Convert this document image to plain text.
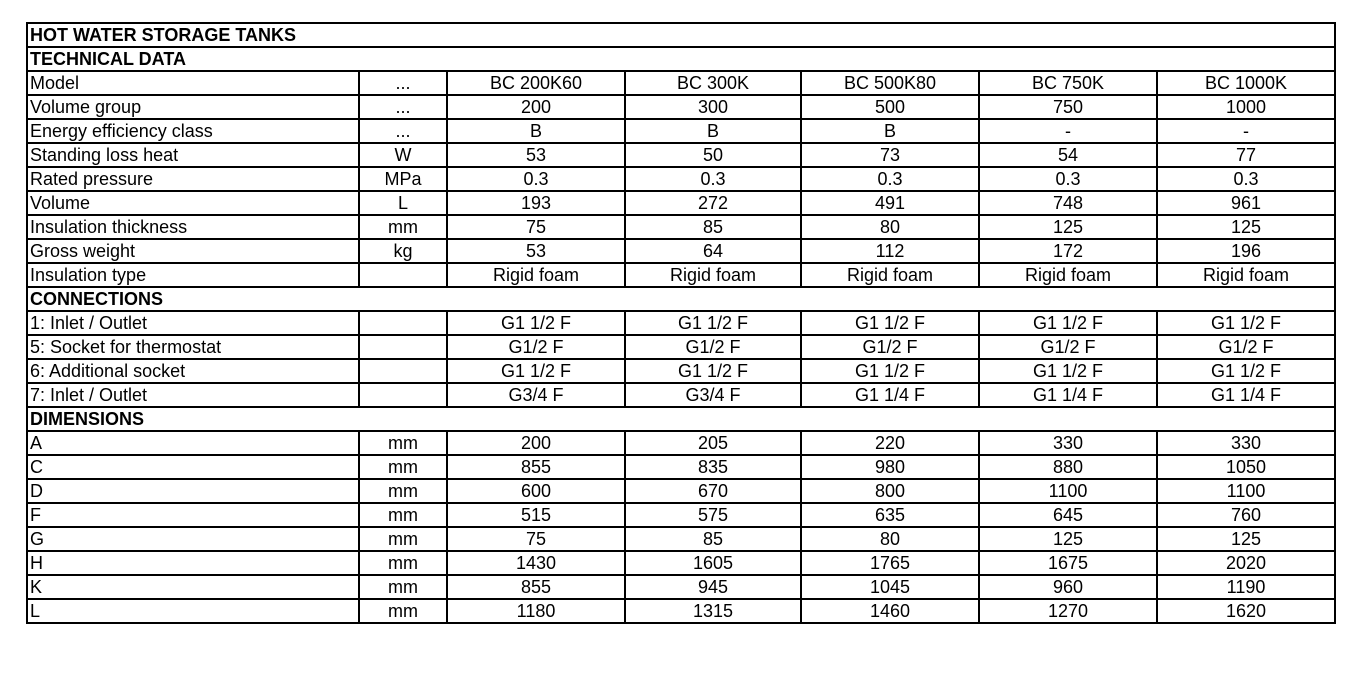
HOT WATER STORAGE TANKS						
TECHNICAL DATA						
Model	...	BC 200K60	BC 300K	BC 500K80	BC 750K	BC 1000K
Volume group	...	200	300	500	750	1000
Energy efficiency class	...	B	B	B	-	-
Standing loss heat	W	53	50	73	54	77
Rated pressure	MPa	0.3	0.3	0.3	0.3	0.3
Volume	L	193	272	491	748	961
Insulation thickness	mm	75	85	80	125	125
Gross weight	kg	53	64	112	172	196
Insulation type		Rigid foam	Rigid foam	Rigid foam	Rigid foam	Rigid foam
CONNECTIONS						
1: Inlet / Outlet		G1 1/2 F	G1 1/2 F	G1 1/2 F	G1 1/2 F	G1 1/2 F
5: Socket for thermostat		G1/2 F	G1/2 F	G1/2 F	G1/2 F	G1/2 F
6: Additional socket		G1 1/2 F	G1 1/2 F	G1 1/2 F	G1 1/2 F	G1 1/2 F
7: Inlet / Outlet		G3/4 F	G3/4 F	G1 1/4 F	G1 1/4 F	G1 1/4 F
DIMENSIONS						
A	mm	200	205	220	330	330
C	mm	855	835	980	880	1050
D	mm	600	670	800	1100	1100
F	mm	515	575	635	645	760
G	mm	75	85	80	125	125
H	mm	1430	1605	1765	1675	2020
K	mm	855	945	1045	960	1190
L	mm	1180	1315	1460	1270	1620
